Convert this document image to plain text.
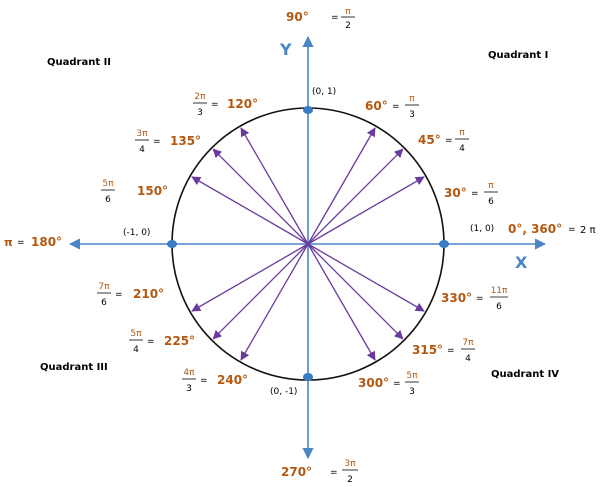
Y
X
Quadrant I
Quadrant II
Quadrant III
Quadrant IV
(0, 1)
(-1, 0)	(1, 0)
(0, -1)
90° =
π
2
270° =
3π
2
π = 180°
0°, 360° = 2 π
30° π
6
=
45° π
4
=
60° π
3
=
120°
2π
3
=
135°
3π
4
=
150°
5π
6
210°
7π
6
=
225°
5π
4
=
240°
4π
3
=	300° 5π
3
=
315° 7π
4
=
330° 11π
6
=
